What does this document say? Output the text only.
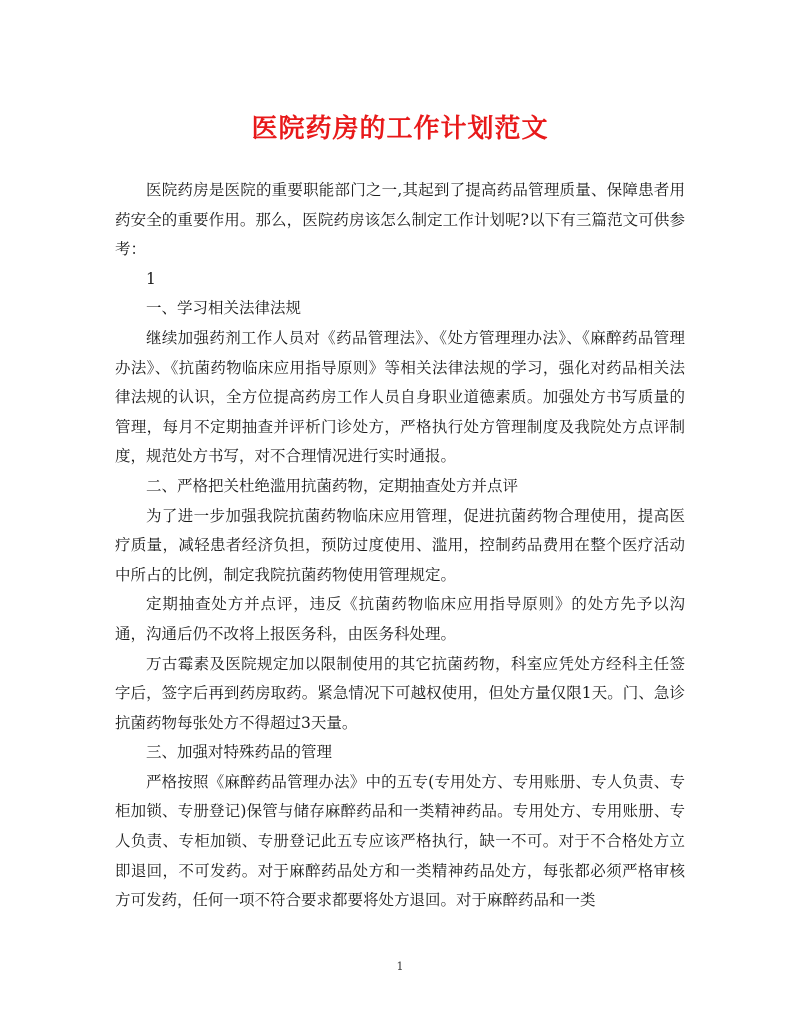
医院药房的工作计划范文

医院药房是医院的重要职能部门之一,其起到了提高药品管理质量、保障患者用药安全的重要作用。那么，医院药房该怎么制定工作计划呢?以下有三篇范文可供参考：

1

一、学习相关法律法规

继续加强药剂工作人员对《药品管理法》、《处方管理理办法》、《麻醉药品管理办法》、《抗菌药物临床应用指导原则》等相关法律法规的学习，强化对药品相关法律法规的认识，全方位提高药房工作人员自身职业道德素质。加强处方书写质量的管理，每月不定期抽查并评析门诊处方，严格执行处方管理制度及我院处方点评制度，规范处方书写，对不合理情况进行实时通报。

二、严格把关杜绝滥用抗菌药物，定期抽查处方并点评

为了进一步加强我院抗菌药物临床应用管理，促进抗菌药物合理使用，提高医疗质量，减轻患者经济负担，预防过度使用、滥用，控制药品费用在整个医疗活动中所占的比例，制定我院抗菌药物使用管理规定。

定期抽查处方并点评，违反《抗菌药物临床应用指导原则》的处方先予以沟通，沟通后仍不改将上报医务科，由医务科处理。

万古霉素及医院规定加以限制使用的其它抗菌药物，科室应凭处方经科主任签字后，签字后再到药房取药。紧急情况下可越权使用，但处方量仅限1天。门、急诊抗菌药物每张处方不得超过3天量。

三、加强对特殊药品的管理

严格按照《麻醉药品管理办法》中的五专(专用处方、专用账册、专人负责、专柜加锁、专册登记)保管与储存麻醉药品和一类精神药品。专用处方、专用账册、专人负责、专柜加锁、专册登记此五专应该严格执行，缺一不可。对于不合格处方立即退回，不可发药。对于麻醉药品处方和一类精神药品处方，每张都必须严格审核方可发药，任何一项不符合要求都要将处方退回。对于麻醉药品和一类

1
